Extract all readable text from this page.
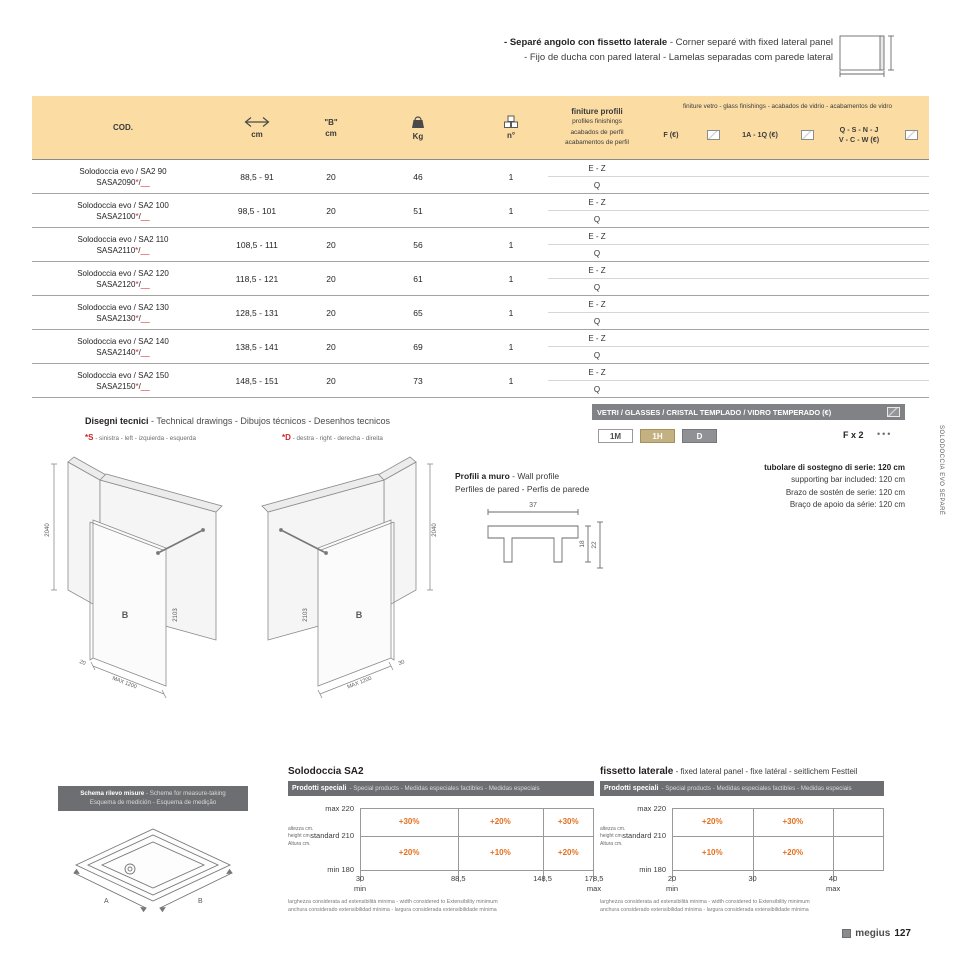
- Separé angolo con fissetto laterale - Corner separé with fixed lateral panel
- Fijo de ducha con pared lateral - Lamelas separadas com parede lateral
COD.
cm
"B"
cm	Kg	n°
finiture profili
profiles finishings
acabados de perfil
acabamentos de perfil
finiture vetro - glass finishings - acabados de vidrio - acabamentos de vidro
F (€)	1A - 1Q (€)
Q - S - N - J
V - C - W (€)
Solodoccia evo / SA2 90
SASA2090*/__
88,5 - 91	20	46	1
E - Z
Q
Solodoccia evo / SA2 100
SASA2100*/__
98,5 - 101	20	51	1
E - Z
Q
Solodoccia evo / SA2 110
SASA2110*/__
108,5 - 111	20	56	1
E - Z
Q
Solodoccia evo / SA2 120
SASA2120*/__
118,5 - 121	20	61	1
E - Z
Q
Solodoccia evo / SA2 130
SASA2130*/__
128,5 - 131	20	65	1
E - Z
Q
Solodoccia evo / SA2 140
SASA2140*/__
138,5 - 141	20	69	1
E - Z
Q
Solodoccia evo / SA2 150
SASA2150*/__
148,5 - 151	20	73	1
E - Z
Q
Disegni tecnici - Technical drawings - Dibujos técnicos - Desenhos tecnicos
*S - sinistra - left - izquierda - esquerda	*D - destra - right - derecha - direita
2040
2103
B
MAX 1200
20
2040
2103	B
MAX 1200
30
Profili a muro - Wall profile
Perfiles de pared - Perfis de parede
37
18 22
VETRI / GLASSES / CRISTAL TEMPLADO / VIDRO TEMPERADO (€)
1M	1H	D	F x 2 •••
tubolare di sostegno di serie: 120 cm
supporting bar included: 120 cm
Brazo de sostén de serie: 120 cm
Braço de apoio da série: 120 cm
SOLODOCCIA EVO SEPARÉ
Schema rilevo misure - Scheme for measure-taking
Esquema de medición - Esquema de medição
A	B
Solodoccia SA2
Prodotti speciali - Special products - Medidas especiales factibles - Medidas especiais
altezza cm.
height cm.
Altura cm.
max 220
standard 210
min 180
+30%	+20%	+30%
+20%	+10%	+20%
30
min
88,5	148,5	178,5
max
larghezza considerata ad estensibilità minima - width considered to Extensibility minimum
anchura considerado extensibilidad mínima - largura considerada extensibilidade mínima
fissetto laterale - fixed lateral panel - fixe latéral - seitlichem Festteil
Prodotti speciali - Special products - Medidas especiales factibles - Medidas especiais
altezza cm.
height cm.
Altura cm.
max 220
standard 210
min 180
+20%	+30%
+10%	+20%
20
min
30	40
max
larghezza considerata ad estensibilità minima - width considered to Extensibility minimum
anchura considerado extensibilidad mínima - largura considerada extensibilidade mínima
megius 127
